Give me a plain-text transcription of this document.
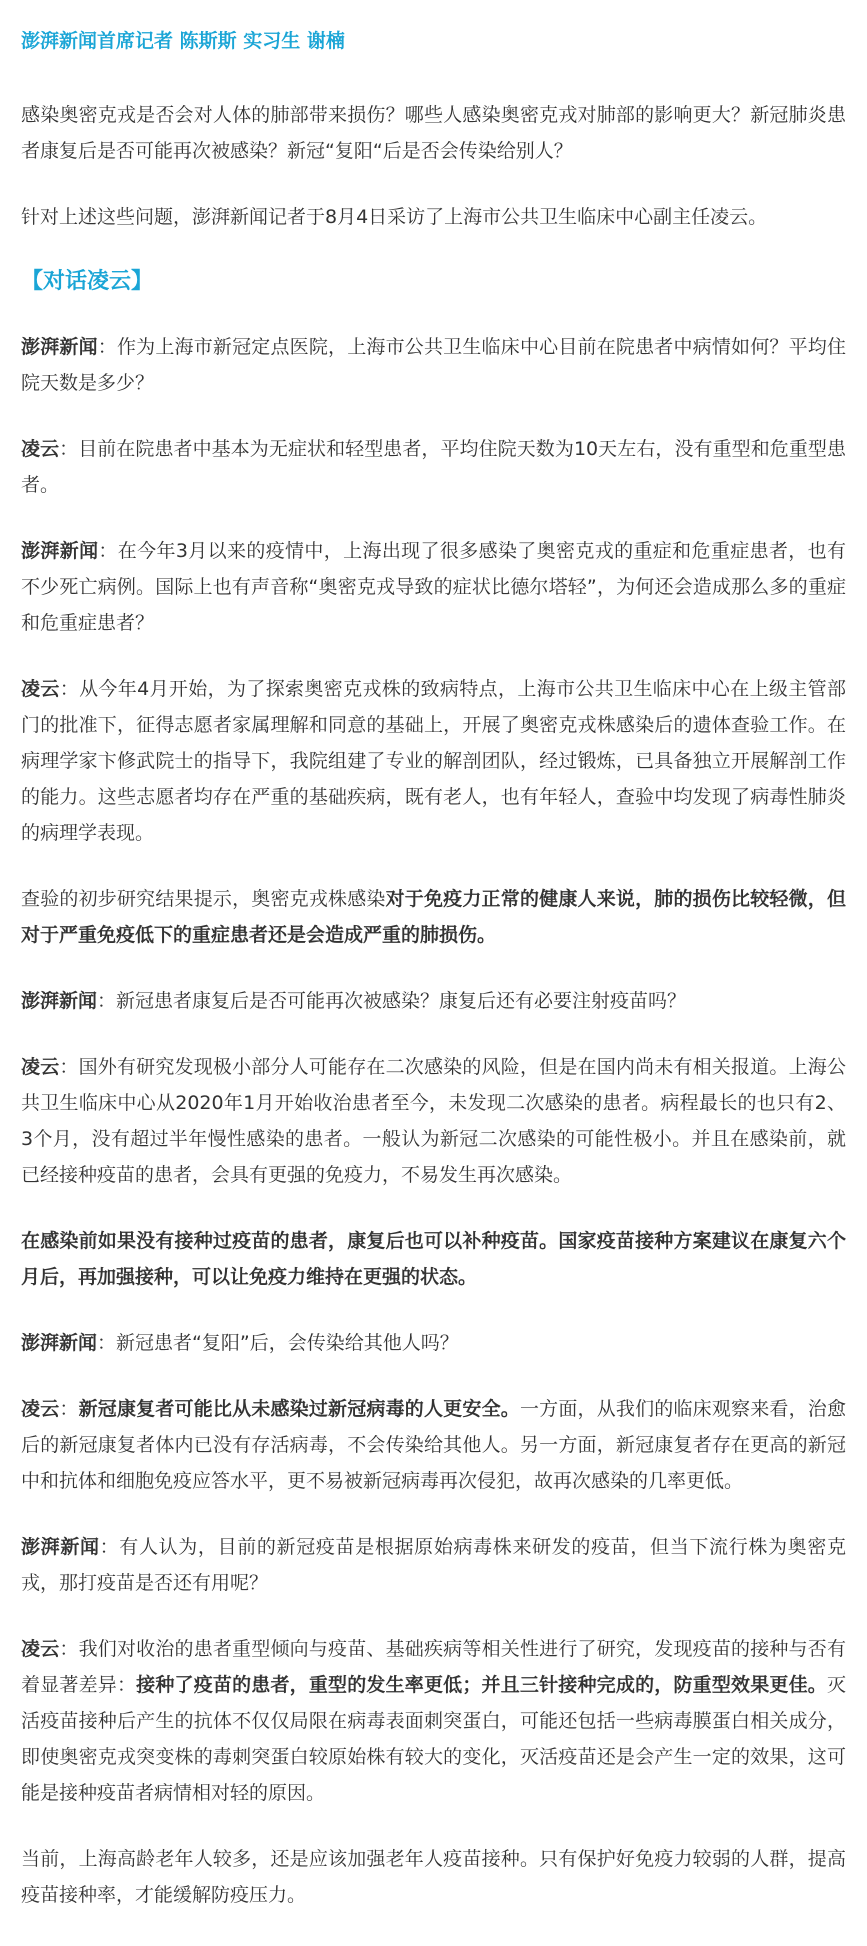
澎湃新闻首席记者 陈斯斯 实习生 谢楠

感染奥密克戎是否会对人体的肺部带来损伤？哪些人感染奥密克戎对肺部的影响更大？新冠肺炎患者康复后是否可能再次被感染？新冠“复阳“后是否会传染给别人？

针对上述这些问题，澎湃新闻记者于8月4日采访了上海市公共卫生临床中心副主任凌云。

【对话凌云】

澎湃新闻：作为上海市新冠定点医院，上海市公共卫生临床中心目前在院患者中病情如何？平均住院天数是多少？

凌云：目前在院患者中基本为无症状和轻型患者，平均住院天数为10天左右，没有重型和危重型患者。

澎湃新闻：在今年3月以来的疫情中，上海出现了很多感染了奥密克戎的重症和危重症患者，也有不少死亡病例。国际上也有声音称“奥密克戎导致的症状比德尔塔轻”，为何还会造成那么多的重症和危重症患者？

凌云：从今年4月开始，为了探索奥密克戎株的致病特点，上海市公共卫生临床中心在上级主管部门的批准下，征得志愿者家属理解和同意的基础上，开展了奥密克戎株感染后的遗体查验工作。在病理学家卞修武院士的指导下，我院组建了专业的解剖团队，经过锻炼，已具备独立开展解剖工作的能力。这些志愿者均存在严重的基础疾病，既有老人，也有年轻人，查验中均发现了病毒性肺炎的病理学表现。

查验的初步研究结果提示，奥密克戎株感染对于免疫力正常的健康人来说，肺的损伤比较轻微，但对于严重免疫低下的重症患者还是会造成严重的肺损伤。

澎湃新闻：新冠患者康复后是否可能再次被感染？康复后还有必要注射疫苗吗？

凌云：国外有研究发现极小部分人可能存在二次感染的风险，但是在国内尚未有相关报道。上海公共卫生临床中心从2020年1月开始收治患者至今，未发现二次感染的患者。病程最长的也只有2、3个月，没有超过半年慢性感染的患者。一般认为新冠二次感染的可能性极小。并且在感染前，就已经接种疫苗的患者，会具有更强的免疫力，不易发生再次感染。

在感染前如果没有接种过疫苗的患者，康复后也可以补种疫苗。国家疫苗接种方案建议在康复六个月后，再加强接种，可以让免疫力维持在更强的状态。

澎湃新闻：新冠患者“复阳”后，会传染给其他人吗？

凌云：新冠康复者可能比从未感染过新冠病毒的人更安全。一方面，从我们的临床观察来看，治愈后的新冠康复者体内已没有存活病毒，不会传染给其他人。另一方面，新冠康复者存在更高的新冠中和抗体和细胞免疫应答水平，更不易被新冠病毒再次侵犯，故再次感染的几率更低。

澎湃新闻：有人认为，目前的新冠疫苗是根据原始病毒株来研发的疫苗，但当下流行株为奥密克戎，那打疫苗是否还有用呢？

凌云：我们对收治的患者重型倾向与疫苗、基础疾病等相关性进行了研究，发现疫苗的接种与否有着显著差异：接种了疫苗的患者，重型的发生率更低；并且三针接种完成的，防重型效果更佳。灭活疫苗接种后产生的抗体不仅仅局限在病毒表面刺突蛋白，可能还包括一些病毒膜蛋白相关成分，即使奥密克戎突变株的毒刺突蛋白较原始株有较大的变化，灭活疫苗还是会产生一定的效果，这可能是接种疫苗者病情相对轻的原因。

当前，上海高龄老年人较多，还是应该加强老年人疫苗接种。只有保护好免疫力较弱的人群，提高疫苗接种率，才能缓解防疫压力。
